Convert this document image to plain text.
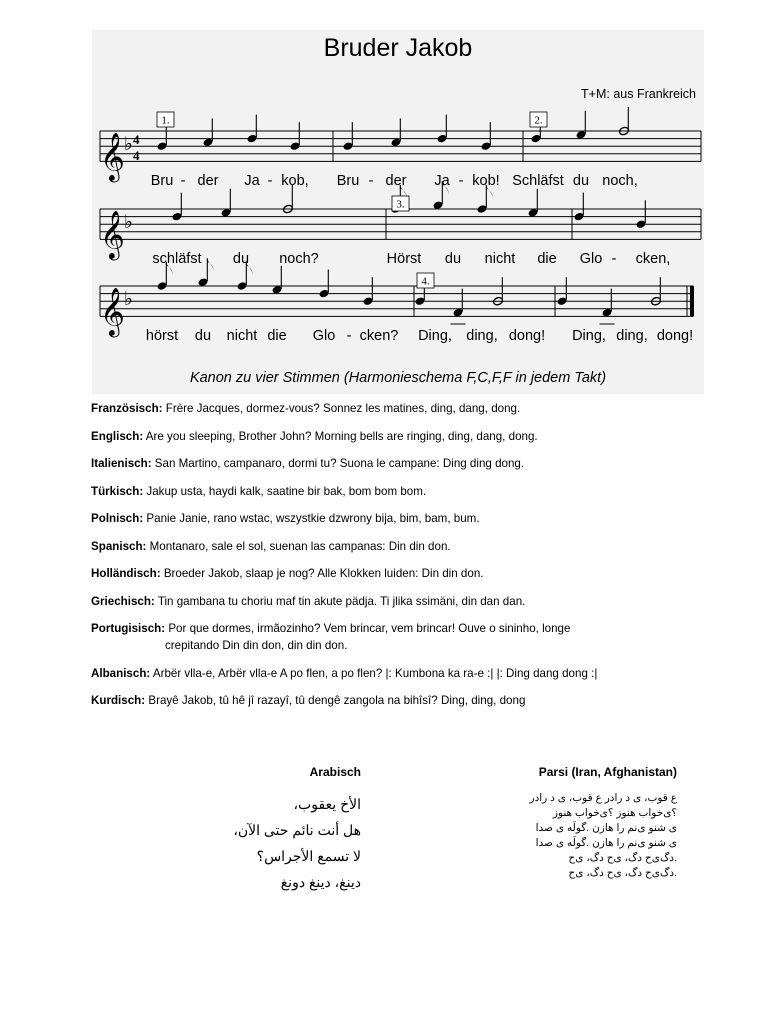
𝄞 ♭
1.	2.
𝄞 ♭
3.
𝄞 ♭
4.
4
4
Bruder Jakob
T+M: aus Frankreich
Bru - der Ja - kob, Bru - der Ja - kob! Schläfst du noch,
schläfst du noch?	Hörst du nicht die Glo - cken,
hörst du nicht die Glo - cken? Ding, ding, dong! Ding, ding, dong!
Kanon zu vier Stimmen (Harmonieschema F,C,F,F in jedem Takt)
Französisch: Frère Jacques, dormez-vous? Sonnez les matines, ding, dang, dong.
Englisch: Are you sleeping, Brother John? Morning bells are ringing, ding, dang, dong.
Italienisch: San Martino, campanaro, dormi tu? Suona le campane: Ding ding dong.
Türkisch: Jakup usta, haydi kalk, saatine bir bak, bom bom bom.
Polnisch: Panie Janie, rano wstac, wszystkie dzwrony bija, bim, bam, bum.
Spanisch: Montanaro, sale el sol, suenan las campanas: Din din don.
Holländisch: Broeder Jakob, slaap je nog? Alle Klokken luiden: Din din don.
Griechisch: Tin gambana tu choriu maf tin akute pädja. Ti jlika ssimäni, din dan dan.
Portugisisch: Por que dormes, irmãozinho? Vem brincar, vem brincar! Ouve o sininho, longe
crepitando Din din don, din din don.
Albanisch: Arbër vlla-e, Arbër vlla-e A po flen, a po flen? |: Kumbona ka ra-e :| |: Ding dang dong :|
Kurdisch: Brayê Jakob, tû hê jî razayî, tû dengê zangola na bihîsî? Ding, ding, dong
Arabisch
الأخ يعقوب،
هل أنت نائم حتى الآن،
لا تسمع الأجراس؟
دينغ، دينغ دونغ
Parsi (Iran, Afghanistan)
ع قوب، ی د رادر ع قوب، ی د رادر
؟ی‌خواب هنوز ؟ی‌خواب هنوز
ی شنو ی‌نم را هازن .گولَه ی صدا
ی شنو ی‌نم را هازن .گولَه ی صدا
.دگ‌ی‌ح دگ، ی‌ح دگ، ی‌ح
.دگ‌ی‌ح دگ، ی‌ح دگ، ی‌ح
